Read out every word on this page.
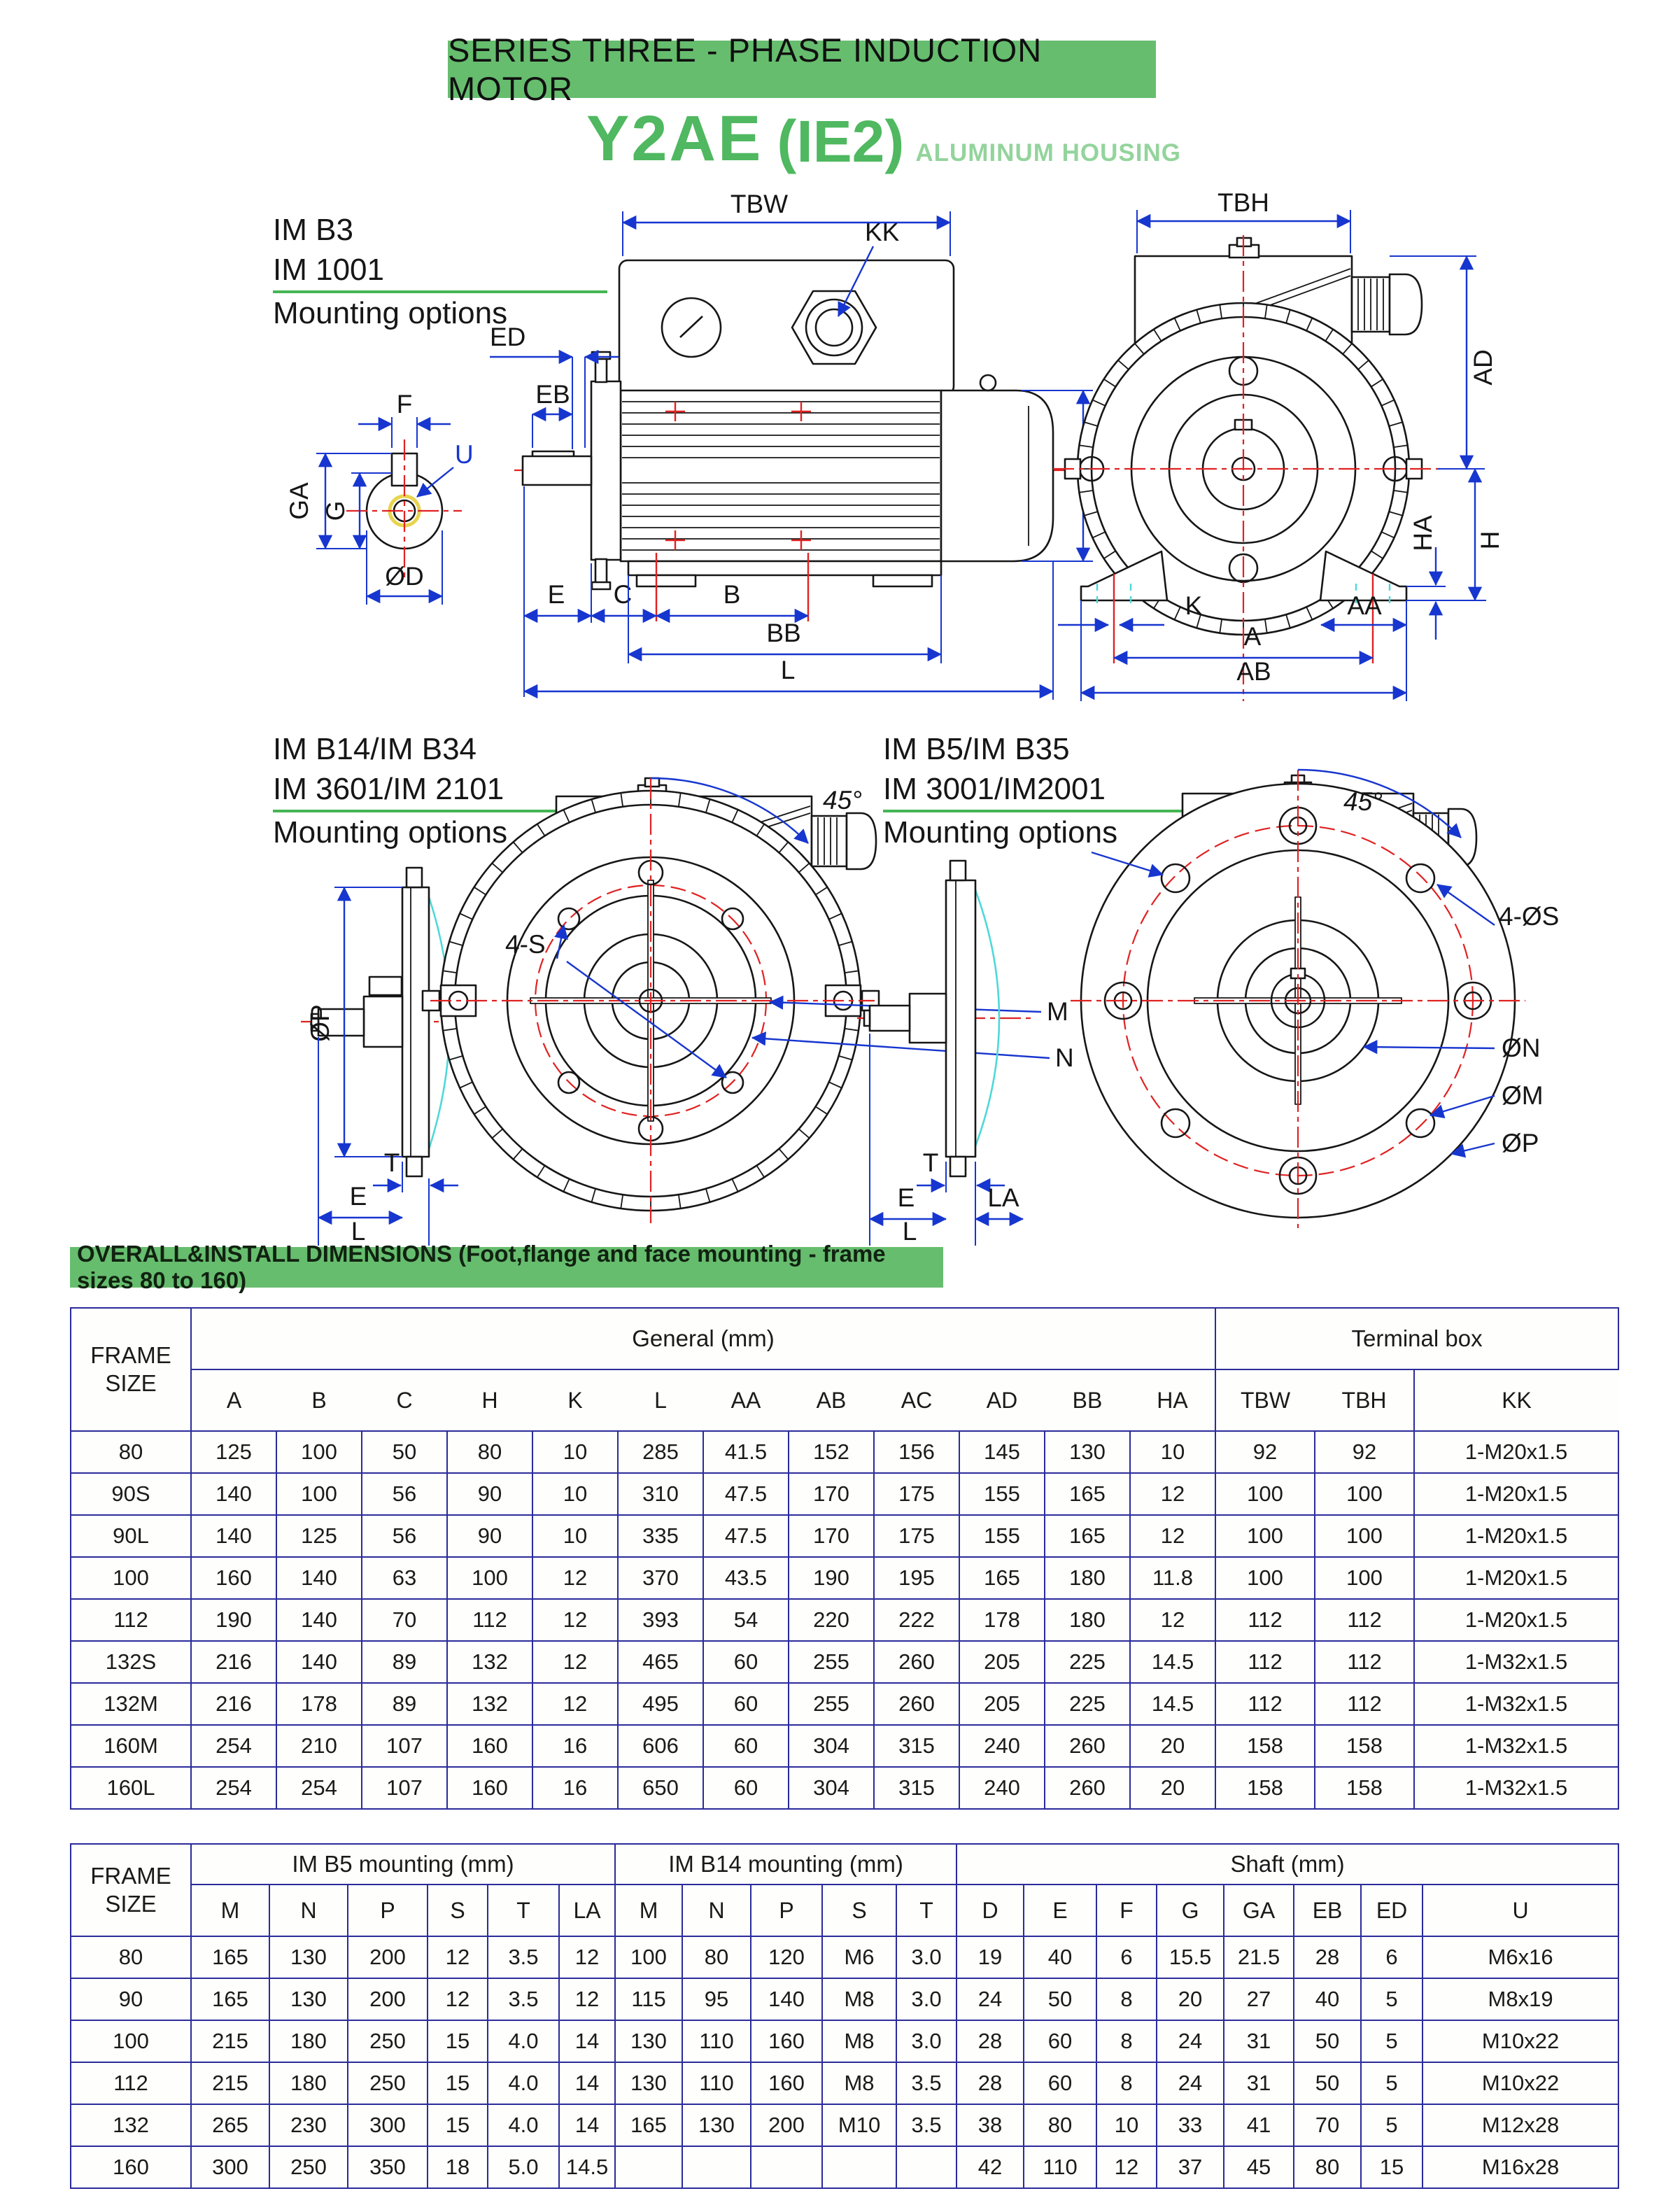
SERIES THREE - PHASE INDUCTION MOTOR
Y2AE (IE2) ALUMINUM HOUSING
IM B3
IM 1001
Mounting options
IM B14/IM B34
IM 3601/IM 2101
Mounting options
IM B5/IM B35
IM 3001/IM2001
Mounting options
F
GA G
ØD
U
KK
TBW
ED
EB
E C	B
BB
L
TBH
AD
HA H
K	AA
A
AB
ØP
T
E
L
45°
4-S
M
N
T
E	LA
L
45°
4-ØS
ØN
ØM
ØP
OVERALL&INSTALL DIMENSIONS (Foot,flange and face mounting - frame sizes 80 to 160)
FRAME
SIZE	General (mm)												Terminal box		
	A	B	C	H	K	L	AA	AB	AC	AD	BB	HA	TBW	TBH	KK
80	125	100	50	80	10	285	41.5	152	156	145	130	10	92	92	1-M20x1.5
90S	140	100	56	90	10	310	47.5	170	175	155	165	12	100	100	1-M20x1.5
90L	140	125	56	90	10	335	47.5	170	175	155	165	12	100	100	1-M20x1.5
100	160	140	63	100	12	370	43.5	190	195	165	180	11.8	100	100	1-M20x1.5
112	190	140	70	112	12	393	54	220	222	178	180	12	112	112	1-M20x1.5
132S	216	140	89	132	12	465	60	255	260	205	225	14.5	112	112	1-M32x1.5
132M	216	178	89	132	12	495	60	255	260	205	225	14.5	112	112	1-M32x1.5
160M	254	210	107	160	16	606	60	304	315	240	260	20	158	158	1-M32x1.5
160L	254	254	107	160	16	650	60	304	315	240	260	20	158	158	1-M32x1.5
FRAME
SIZE	IM B5 mounting (mm)						IM B14 mounting (mm)					Shaft (mm)							
	M	N	P	S	T	LA	M	N	P	S	T	D	E	F	G	GA	EB	ED	U
80	165	130	200	12	3.5	12	100	80	120	M6	3.0	19	40	6	15.5	21.5	28	6	M6x16
90	165	130	200	12	3.5	12	115	95	140	M8	3.0	24	50	8	20	27	40	5	M8x19
100	215	180	250	15	4.0	14	130	110	160	M8	3.0	28	60	8	24	31	50	5	M10x22
112	215	180	250	15	4.0	14	130	110	160	M8	3.5	28	60	8	24	31	50	5	M10x22
132	265	230	300	15	4.0	14	165	130	200	M10	3.5	38	80	10	33	41	70	5	M12x28
160	300	250	350	18	5.0	14.5						42	110	12	37	45	80	15	M16x28
